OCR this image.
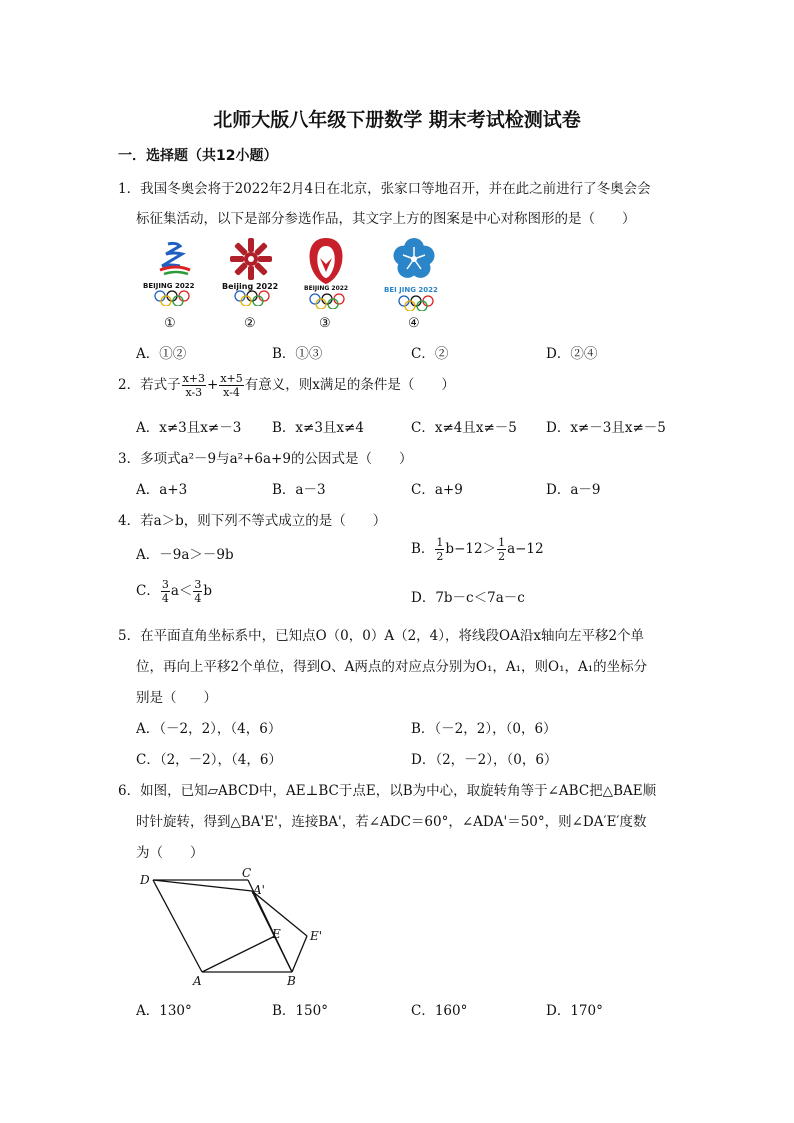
北师大版八年级下册数学 期末考试检测试卷
一．选择题（共12小题）
1．我国冬奥会将于2022年2月4日在北京，张家口等地召开，并在此之前进行了冬奥会会
标征集活动，以下是部分参选作品，其文字上方的图案是中心对称图形的是（　　）
BEIJING 2022
①
Beijing 2022
②
BEIJING 2022
③
BEI JING 2022
④
A．①②	B．①③	C．②	D．②④
2．若式子 $\frac{x+3}{x-3} + \frac{x+5}{x-4}$ 有意义，则x满足的条件是（　　）
A．x≠3且x≠－3 B．x≠3且x≠4	C．x≠4且x≠－5 D．x≠－3且x≠－5
3．多项式a²－9与a²+6a+9的公因式是（　　）
A．a+3	B．a－3	C．a+9	D．a－9
4．若a＞b，则下列不等式成立的是（　　）
A．－9a＞－9b	B． $\frac{1}{2} b-12> \frac{1}{2} a-12$
C． $\frac{3}{4} a< \frac{3}{4}$ b	D．7b－c＜7a－c
5．在平面直角坐标系中，已知点O（0，0）A（2，4），将线段OA沿x轴向左平移2个单
位，再向上平移2个单位，得到O、A两点的对应点分别为O₁，A₁，则O₁，A₁的坐标分
别是（　　）
A．（－2，2），（4，6）	B．（－2，2），（0，6）
C．（2，－2），（4，6）	D．（2，－2），（0，6）
6．如图，已知▱ABCD中，AE⊥BC于点E，以B为中心，取旋转角等于∠ABC把△BAE顺
时针旋转，得到△BA'E'，连接BA'，若∠ADC＝60°，∠ADA'＝50°，则∠DA′E′度数
为（　　）
D	C
A'
E E'
A	B
A．130°	B．150°	C．160°	D．170°
